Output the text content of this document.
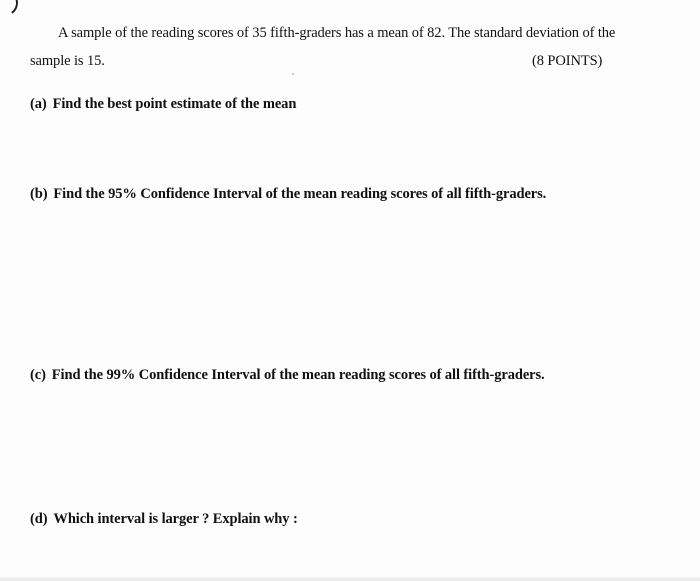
A sample of the reading scores of 35 fifth-graders has a mean of 82. The standard deviation of the
sample is 15.	(8 POINTS)
(a) Find the best point estimate of the mean
(b) Find the 95% Confidence Interval of the mean reading scores of all fifth-graders.
(c) Find the 99% Confidence Interval of the mean reading scores of all fifth-graders.
(d) Which interval is larger ? Explain why :
